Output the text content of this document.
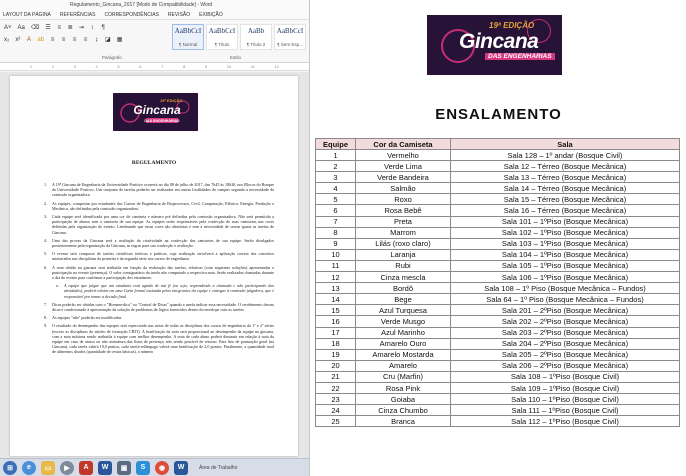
Regulamento_Gincana_2017 [Modo de Compatibilidade] - Word
LAYOUT DA PÁGINA REFERÊNCIAS CORRESPONDÊNCIAS REVISÃO EXIBIÇÃO
A˅ Aa ⌫ ☰ ≡ ≣ ⇥ ↕ ¶
x₂ x² A ab ≡ ≡ ≡ ≡ ↨ ◪ ▦
AaBbCcI
¶ Normal
AaBbCcI
¶ Título
AaBb
¶ Título 2
AaBbCcI
¶ Sem Esp...
Parágrafo	Estilo
1	2	3	4	5	6	7	8	9	10	11	12
Gincana
DAS ENGENHARIAS
19ª EDIÇÃO
REGULAMENTO
1. A 19ª Gincana de Engenharia da Universidade Positivo ocorrerá no dia 08 de julho de 2017, das 7h45 às 18h30, nos Blocos do Bosque da Universidade Positivo. Um conjunto de tarefas poderão ser realizadas em outras localidades do campus segundo a necessidade da comissão organizadora.
2. As equipes, compostas por estudantes dos Cursos de Engenharia de Bioprocessos, Civil, Computação, Elétrica, Energia, Produção e Mecânica, são definidas pela comissão organizadora.
3. Cada equipe será identificada por uma cor de camiseta e número pré definidas pela comissão organizadora. Não será permitida a participação de alunos sem a camiseta de sua equipe. As equipes serão responsáveis pela confecção de suas camisetas nas cores definidas pela organização do evento. Lembrando que essas cores são aleatórias e sem a necessidade de serem iguais as tarefas de Gincana.
4. Uma das provas da Gincana será a avaliação da criatividade na confecção das camisetas de sua equipe. Serão divulgados posteriormente pela organização da Gincana, as regras para sua confecção e avaliação.
5. O evento será composto de tarefas científicas teóricas e práticas, cuja realização envolverá a aplicação correta dos conceitos ministrados nas disciplinas da primeira e da segunda série nos cursos de engenharia.
6. A nota obtida na gincana será atribuída em função da realização das tarefas, relativas (com seguintes soluções) apresentadas e participação no evento (presença). O valor consignatário da tarefa não computado a respectiva nota. Serão realizadas chamadas durante o dia do evento para confirmar a participação dos estudantes.
a. A equipe que julgar que um estudante está agindo de má fé (ou seja, respondendo a chamada e não participando das atividades), poderá relatar em uma Carta formal assinada pelos integrantes da equipe e entregar à comissão julgadora, que é responsável por tomar a decisão final.
7. Dicas poderão ser obtidas com o "Homem-dica" ou "Central de Dicas" quando a tarefa indicar essa necessidade. O recebimento dessas dicas é condicionado à apresentação da solução de problemas de lógica fornecidos dentro do envelope com as tarefas.
8. As equipes "não" poderão ser modificadas.
9. O resultado do desempenho das equipes será repercutido nas notas de todas as disciplinas dos cursos de engenharia do 1º e 2º séries (exceto as disciplinas do núcleo de formação CBTI). A bonificação da nota será proporcional ao desempenho da equipe na gincana, com a nota máxima sendo atribuída à equipe com melhor desempenho. A nota de cada aluno poderá diminuir em relação à nota da equipe em caso de atraso ou não assinatura das listas de presença, não sendo possível de retorno. Para fins de pontuação geral (na Gincana), cada tarefa valerá 10,0 pontos, cada tarefa-relâmpago valerá uma bonificação de 2,0 pontos. Finalmente, a quantidade total de alimentos doados (quantidade de cestas básicas), o número
⊞	e	▭	▶	A	W	▣	S	◉	W	Área de Trabalho
19ª EDIÇÃO
Gincana
DAS ENGENHARIAS
ENSALAMENTO
Equipe	Cor da Camiseta	Sala
1	Vermelho	Sala 128 – 1º andar (Bosque Civil)
2	Verde Lima	Sala 12 – Térreo (Bosque Mecânica)
3	Verde Bandeira	Sala 13 – Térreo (Bosque Mecânica)
4	Salmão	Sala 14 – Térreo (Bosque Mecânica)
5	Roxo	Sala 15 – Térreo (Bosque Mecânica)
6	Rosa Bebê	Sala 16 – Térreo (Bosque Mecânica)
7	Preta	Sala 101 – 1ºPiso (Bosque Mecânica)
8	Marrom	Sala 102 – 1ºPiso (Bosque Mecânica)
9	Lilás (roxo claro)	Sala 103 – 1ºPiso (Bosque Mecânica)
10	Laranja	Sala 104 – 1ºPiso (Bosque Mecânica)
11	Rubi	Sala 105 – 1ºPiso (Bosque Mecânica)
12	Cinza mescla	Sala 106 – 1ºPiso (Bosque Mecânica)
13	Bordô	Sala 108 – 1º Piso (Bosque Mecânica – Fundos)
14	Bege	Sala 64 – 1º Piso (Bosque Mecânica – Fundos)
15	Azul Turquesa	Sala 201 – 2ºPiso (Bosque Mecânica)
16	Verde Musgo	Sala 202 – 2ºPiso (Bosque Mecânica)
17	Azul Marinho	Sala 203 – 2ºPiso (Bosque Mecânica)
18	Amarelo Ouro	Sala 204 – 2ºPiso (Bosque Mecânica)
19	Amarelo Mostarda	Sala 205 – 2ºPiso (Bosque Mecânica)
20	Amarelo	Sala 206 – 2ºPiso (Bosque Mecânica)
21	Cru (Marfin)	Sala 108 – 1ºPiso (Bosque Civil)
22	Rosa Pink	Sala 109 – 1ºPiso (Bosque Civil)
23	Goiaba	Sala 110 – 1ºPiso (Bosque Civil)
24	Cinza Chumbo	Sala 111 – 1ºPiso (Bosque Civil)
25	Branca	Sala 112 – 1ºPiso (Bosque Civil)
